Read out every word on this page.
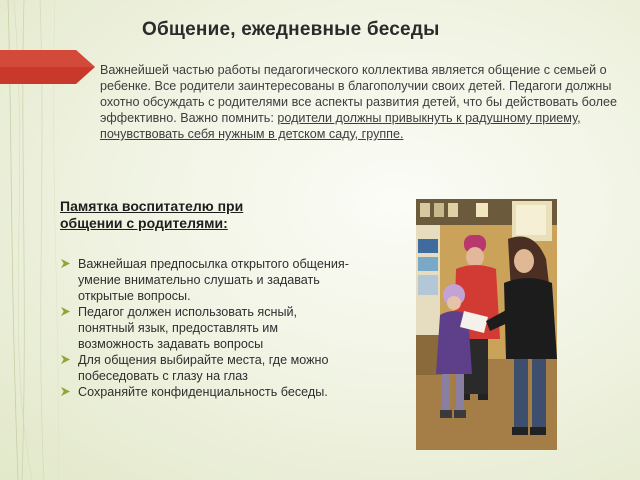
Общение, ежедневные беседы
Важнейшей частью работы педагогического коллектива является общение с семьей о ребенке. Все родители заинтересованы в благополучии своих детей. Педагоги должны охотно обсуждать с родителями все аспекты развития детей, что бы действовать более эффективно. Важно помнить: родители должны привыкнуть к радушному приему, почувствовать себя нужным в детском саду, группе.
Памятка воспитателю при общении с родителями:
Важнейшая предпосылка открытого общения-умение внимательно слушать и задавать открытые вопросы.
Педагог должен использовать ясный, понятный язык, предоставлять им возможность задавать вопросы
Для общения выбирайте места, где можно побеседовать с глазу на глаз
Сохраняйте конфиденциальность беседы.
